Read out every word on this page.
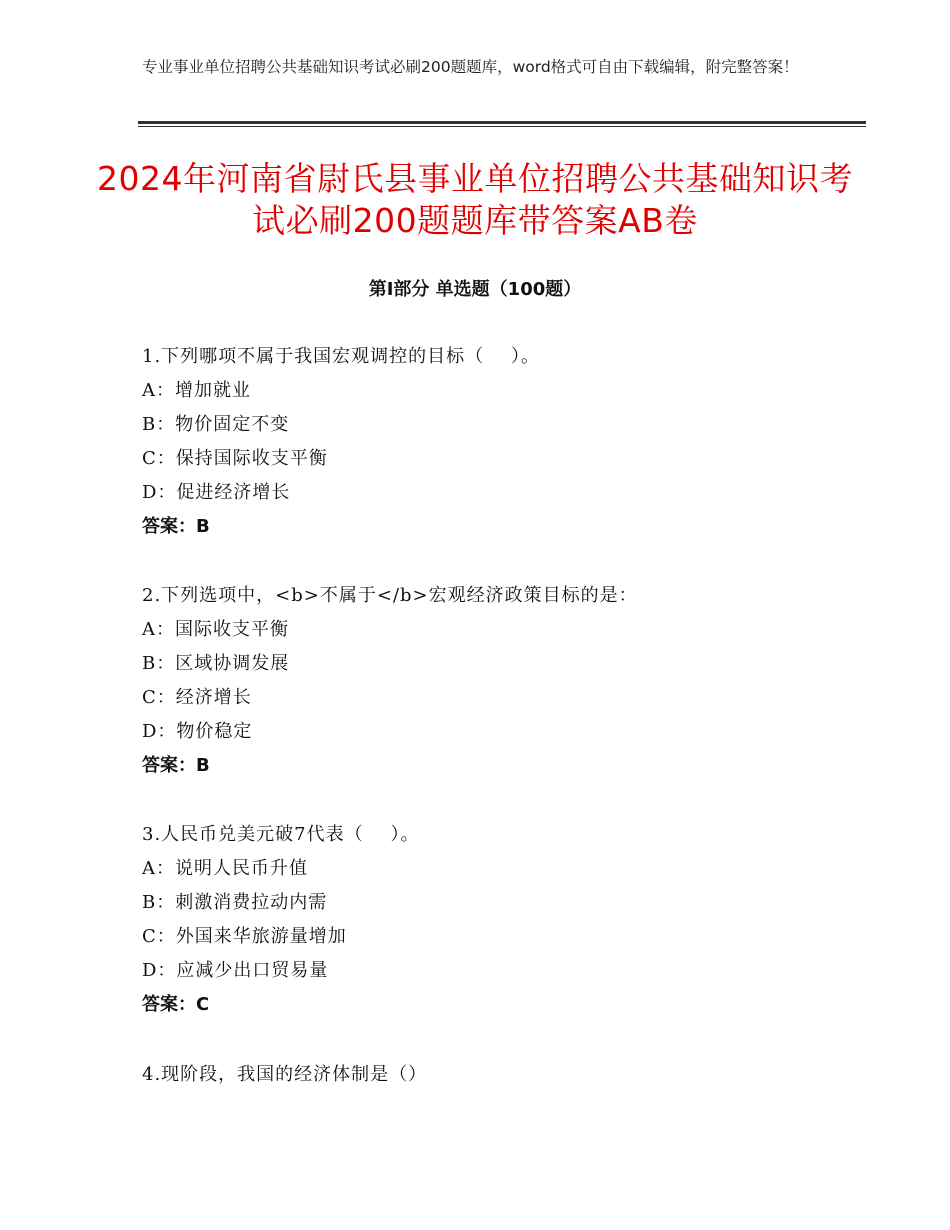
专业事业单位招聘公共基础知识考试必刷200题题库，word格式可自由下载编辑，附完整答案！
2024年河南省尉氏县事业单位招聘公共基础知识考试必刷200题题库带答案AB卷
第Ⅰ部分 单选题（100题）
1.下列哪项不属于我国宏观调控的目标（    ）。
A：增加就业
B：物价固定不变
C：保持国际收支平衡
D：促进经济增长
答案：B
2.下列选项中，<b>不属于</b>宏观经济政策目标的是：
A：国际收支平衡
B：区域协调发展
C：经济增长
D：物价稳定
答案：B
3.人民币兑美元破7代表（    ）。
A：说明人民币升值
B：刺激消费拉动内需
C：外国来华旅游量增加
D：应减少出口贸易量
答案：C
4.现阶段，我国的经济体制是（）
